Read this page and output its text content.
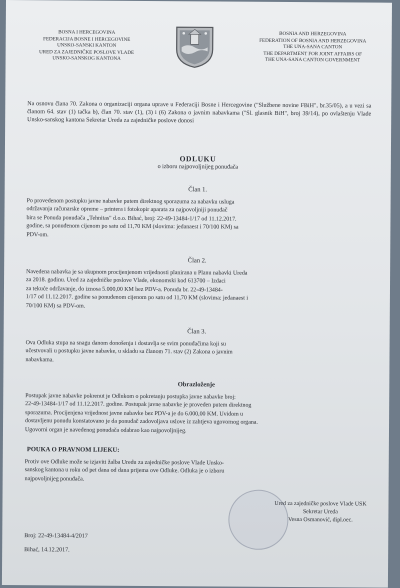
BOSNA I HERCEGOVINA
FEDERACIJA BOSNE I HERCEGOVINE
UNSKO-SANSKI KANTON
URED ZA ZAJEDNIČKE POSLOVE VLADE
UNSKO-SANSKOG KANTONA
BOSNIA AND HERZEGOVINA
FEDERATION OF BOSNIA AND HERZEGOVINA
THE UNA-SANA CANTON
THE DEPARTMENT FOR JOINT AFFAIRS OF
THE UNA-SANA CANTON GOVERNMENT
Na osnovu člana 70. Zakona o organizaciji organa uprave u Federaciji Bosne i Hercegovine ("Službene novine FBiH", br.35/05), a u vezi sa članom 64. stav (1) tačka b), član 70. stav (1), (3) i (6) Zakona o javnim nabavkama ("Sl. glasnik BiH", broj 39/14), po ovlaštenju Vlade Unsko-sanskog kantona Sekretar Ureda za zajedničke poslove donosi
ODLUKU
o izboru najpovoljnijeg ponuđača
Član 1.
Po provedenom postupku javne nabavke putem direktnog sporazuma za nabavku usluga
održavanja računarske opreme – printera i fotokopir aparata za najpovoljniji ponuđač
bira se Ponuda ponuđača „Tehnitas" d.o.o. Bihać, broj: 22-49-13484-1/17 od 11.12.2017.
godine, sa ponuđenom cijenom po satu od 11,70 KM (slovima: jedanaest i 70/100 KM) sa
PDV-om.
Član 2.
Navedena nabavka je sa ukupnom procijenjenom vrijednosti planirana u Planu nabavki Ureda
za 2018. godinu. Ured za zajedničke poslove Vlade, ekonomski kod 613700 – Izdaci
za tekuće održavanje, do iznosa 5.000,00 KM bez PDV-a. Ponuda br. 22-49-13484-
1/17 od 11.12.2017. godine sa ponuđenom cijenom po satu od 11,70 KM (slovima: jedanaest i
70/100 KM) sa PDV-om.
Član 3.
Ova Odluka stupa na snagu danom donošenja i dostavlja se svim ponuđačima koji su
učestvovali u postupku javne nabavke, u skladu sa članom 71. stav (2) Zakona o javnim
nabavkama.
Obrazloženje
Postupak javne nabavke pokrenut je Odlukom o pokretanju postupka javne nabavke broj:
22-49-13484-1/17 od 11.12.2017. godine. Postupak javne nabavke je proveden putem direktnog
sporazuma. Procijenjena vrijednost javne nabavke bez PDV-a je do 6.000,00 KM. Uvidom u
dostavljenu ponudu konstatovano je da ponuđač zadovoljava uslove iz zahtjeva ugovornog organa.
Ugovorni organ je navedenog ponuđača odabrao kao najpovoljnijeg.
POUKA O PRAVNOM LIJEKU:
Protiv ove Odluke može se izjaviti žalba Uredu za zajedničke poslove Vlade Unsko-
sanskog kantona u roku od pet dana od dana prijema ove Odluke. Odluka je o izboru
najpovoljnijeg ponuđača.
Broj: 22-49-13484-4/2017
Bihać, 14.12.2017.
Ured za zajedničke poslove Vlade USK
Sekretar Ureda
Vesna Osmanović, dipl.oec.
